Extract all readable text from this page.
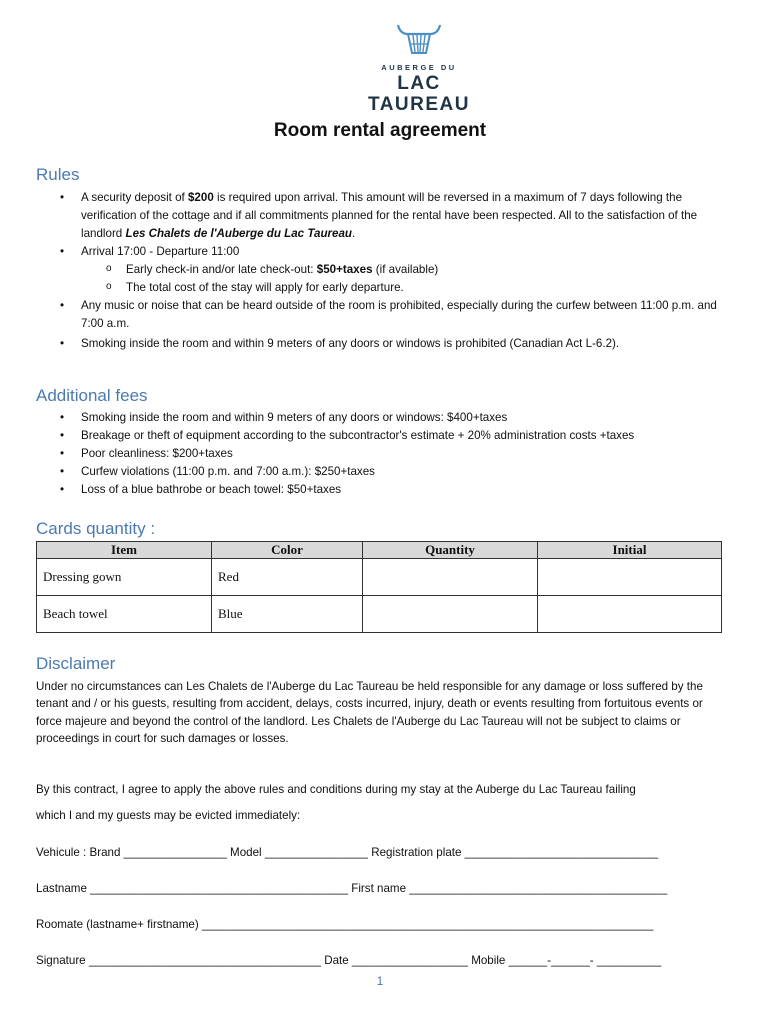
AUBERGE DU
LAC TAUREAU
Room rental agreement
Rules
• A security deposit of $200 is required upon arrival. This amount will be reversed in a maximum of 7 days following the verification of the cottage and if all commitments planned for the rental have been respected. All to the satisfaction of the landlord Les Chalets de l'Auberge du Lac Taureau.
• Arrival 17:00 - Departure 11:00
o Early check-in and/or late check-out: $50+taxes (if available)
o The total cost of the stay will apply for early departure.
• Any music or noise that can be heard outside of the room is prohibited, especially during the curfew between 11:00 p.m. and 7:00 a.m.
• Smoking inside the room and within 9 meters of any doors or windows is prohibited (Canadian Act L-6.2).
Additional fees
• Smoking inside the room and within 9 meters of any doors or windows: $400+taxes
• Breakage or theft of equipment according to the subcontractor's estimate + 20% administration costs +taxes
• Poor cleanliness: $200+taxes
• Curfew violations (11:00 p.m. and 7:00 a.m.): $250+taxes
• Loss of a blue bathrobe or beach towel: $50+taxes
Cards quantity :
Item	Color	Quantity	Initial
Dressing gown	Red		
Beach towel	Blue		
Disclaimer
Under no circumstances can Les Chalets de l'Auberge du Lac Taureau be held responsible for any damage or loss suffered by the tenant and / or his guests, resulting from accident, delays, costs incurred, injury, death or events resulting from fortuitous events or force majeure and beyond the control of the landlord. Les Chalets de l'Auberge du Lac Taureau will not be subject to claims or proceedings in court for such damages or losses.
By this contract, I agree to apply the above rules and conditions during my stay at the Auberge du Lac Taureau failing
which I and my guests may be evicted immediately:
Vehicule : Brand ________________ Model ________________ Registration plate ______________________________
Lastname ________________________________________ First name ________________________________________
Roomate (lastname+ firstname) ______________________________________________________________________
Signature ____________________________________ Date __________________ Mobile ______-______- __________
1
